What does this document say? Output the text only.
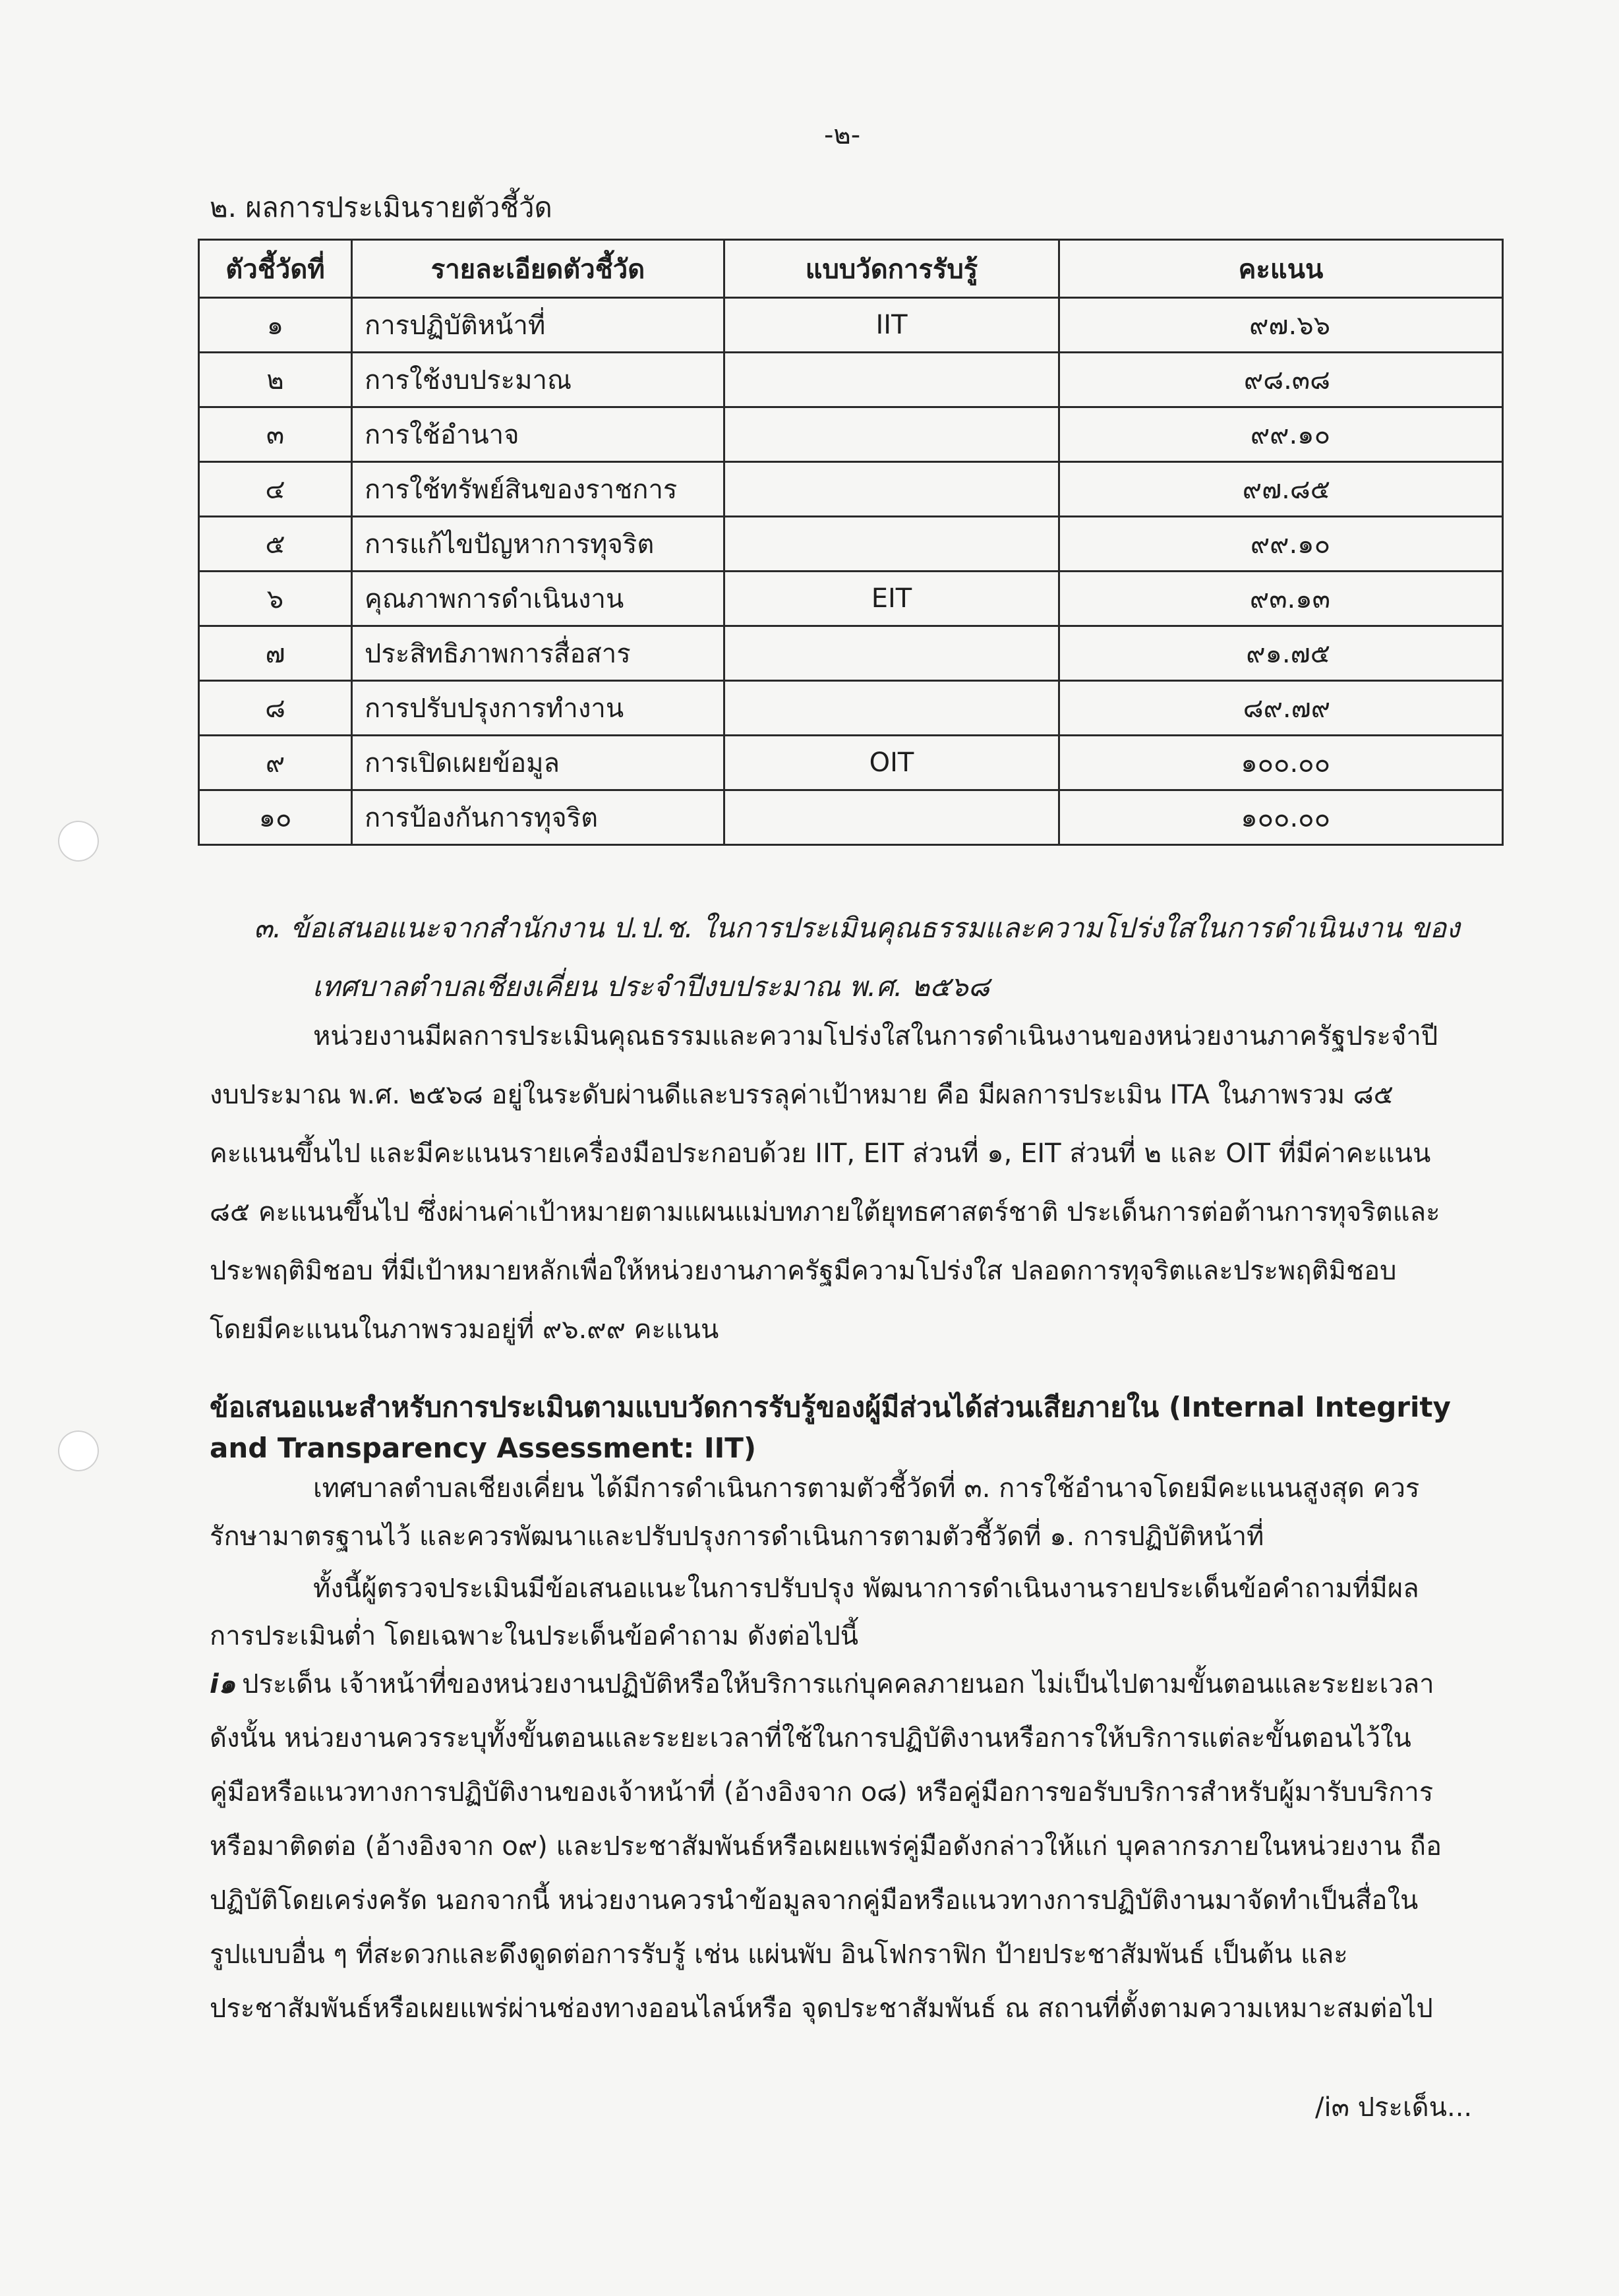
-๒-
๒. ผลการประเมินรายตัวชี้วัด
ตัวชี้วัดที่	รายละเอียดตัวชี้วัด	แบบวัดการรับรู้	คะแนน
๑	การปฏิบัติหน้าที่	IIT	๙๗.๖๖
๒	การใช้งบประมาณ		๙๘.๓๘
๓	การใช้อำนาจ		๙๙.๑๐
๔	การใช้ทรัพย์สินของราชการ		๙๗.๘๕
๕	การแก้ไขปัญหาการทุจริต		๙๙.๑๐
๖	คุณภาพการดำเนินงาน	EIT	๙๓.๑๓
๗	ประสิทธิภาพการสื่อสาร		๙๑.๗๕
๘	การปรับปรุงการทำงาน		๘๙.๗๙
๙	การเปิดเผยข้อมูล	OIT	๑๐๐.๐๐
๑๐	การป้องกันการทุจริต		๑๐๐.๐๐
๓. ข้อเสนอแนะจากสำนักงาน ป.ป.ช. ในการประเมินคุณธรรมและความโปร่งใสในการดำเนินงาน ของ
เทศบาลตำบลเชียงเคี่ยน ประจำปีงบประมาณ พ.ศ. ๒๕๖๘
หน่วยงานมีผลการประเมินคุณธรรมและความโปร่งใสในการดำเนินงานของหน่วยงานภาครัฐประจำปี
งบประมาณ พ.ศ. ๒๕๖๘ อยู่ในระดับผ่านดีและบรรลุค่าเป้าหมาย คือ มีผลการประเมิน ITA ในภาพรวม ๘๕
คะแนนขึ้นไป และมีคะแนนรายเครื่องมือประกอบด้วย IIT, EIT ส่วนที่ ๑, EIT ส่วนที่ ๒ และ OIT ที่มีค่าคะแนน
๘๕ คะแนนขึ้นไป ซึ่งผ่านค่าเป้าหมายตามแผนแม่บทภายใต้ยุทธศาสตร์ชาติ ประเด็นการต่อต้านการทุจริตและ
ประพฤติมิชอบ ที่มีเป้าหมายหลักเพื่อให้หน่วยงานภาครัฐมีความโปร่งใส ปลอดการทุจริตและประพฤติมิชอบ
โดยมีคะแนนในภาพรวมอยู่ที่ ๙๖.๙๙ คะแนน
ข้อเสนอแนะสำหรับการประเมินตามแบบวัดการรับรู้ของผู้มีส่วนได้ส่วนเสียภายใน (Internal Integrity
and Transparency Assessment: IIT)
เทศบาลตำบลเชียงเคี่ยน ได้มีการดำเนินการตามตัวชี้วัดที่ ๓. การใช้อำนาจโดยมีคะแนนสูงสุด ควร
รักษามาตรฐานไว้ และควรพัฒนาและปรับปรุงการดำเนินการตามตัวชี้วัดที่ ๑. การปฏิบัติหน้าที่
ทั้งนี้ผู้ตรวจประเมินมีข้อเสนอแนะในการปรับปรุง พัฒนาการดำเนินงานรายประเด็นข้อคำถามที่มีผล
การประเมินต่ำ โดยเฉพาะในประเด็นข้อคำถาม ดังต่อไปนี้
i๑ ประเด็น เจ้าหน้าที่ของหน่วยงานปฏิบัติหรือให้บริการแก่บุคคลภายนอก ไม่เป็นไปตามขั้นตอนและระยะเวลา
ดังนั้น หน่วยงานควรระบุทั้งขั้นตอนและระยะเวลาที่ใช้ในการปฏิบัติงานหรือการให้บริการแต่ละขั้นตอนไว้ใน
คู่มือหรือแนวทางการปฏิบัติงานของเจ้าหน้าที่ (อ้างอิงจาก o๘) หรือคู่มือการขอรับบริการสำหรับผู้มารับบริการ
หรือมาติดต่อ (อ้างอิงจาก o๙) และประชาสัมพันธ์หรือเผยแพร่คู่มือดังกล่าวให้แก่ บุคลากรภายในหน่วยงาน ถือ
ปฏิบัติโดยเคร่งครัด นอกจากนี้ หน่วยงานควรนำข้อมูลจากคู่มือหรือแนวทางการปฏิบัติงานมาจัดทำเป็นสื่อใน
รูปแบบอื่น ๆ ที่สะดวกและดึงดูดต่อการรับรู้ เช่น แผ่นพับ อินโฟกราฟิก ป้ายประชาสัมพันธ์ เป็นต้น และ
ประชาสัมพันธ์หรือเผยแพร่ผ่านช่องทางออนไลน์หรือ จุดประชาสัมพันธ์ ณ สถานที่ตั้งตามความเหมาะสมต่อไป
/i๓ ประเด็น...
